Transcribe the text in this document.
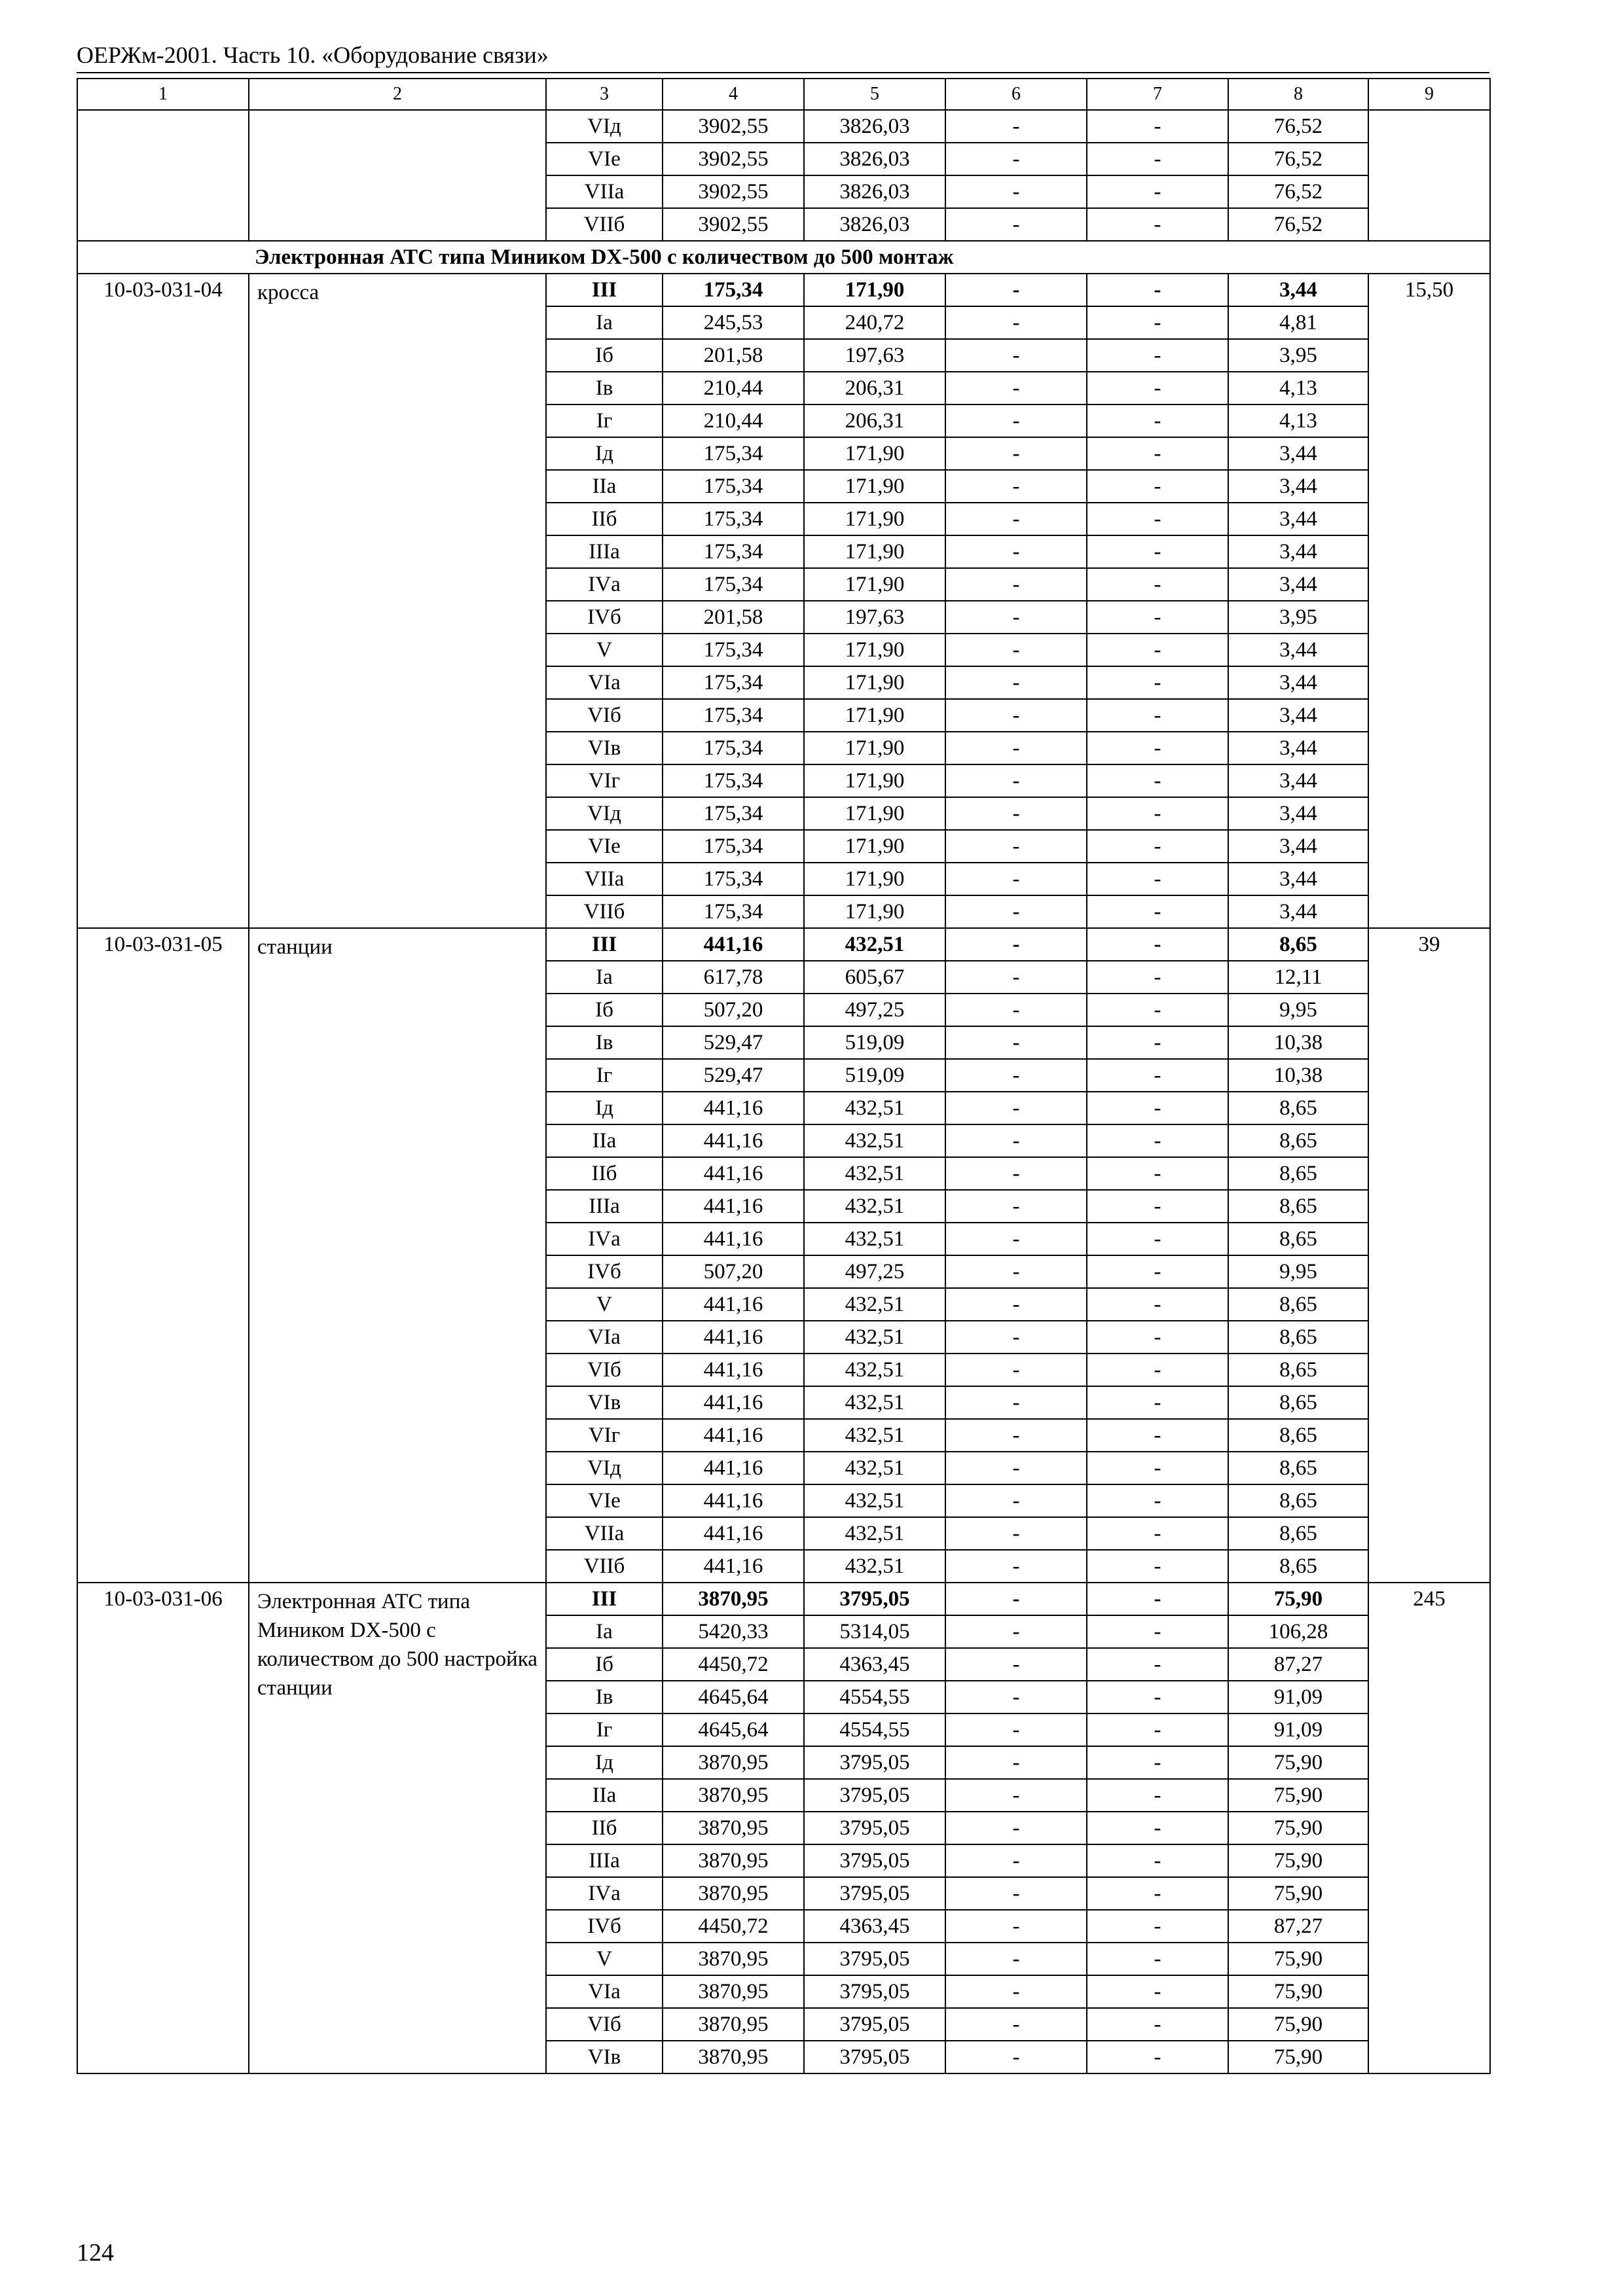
ОЕРЖм-2001. Часть 10. «Оборудование связи»
1	2	3	4	5	6	7	8	9
		VIд	3902,55	3826,03	-	-	76,52	
		VIе	3902,55	3826,03	-	-	76,52	
		VIIа	3902,55	3826,03	-	-	76,52	
		VIIб	3902,55	3826,03	-	-	76,52	
Электронная АТС типа Миником DX-500 с количеством до 500 монтаж								
10-03-031-04	кросса	III	175,34	171,90	-	-	3,44	15,50
		Iа	245,53	240,72	-	-	4,81	
		Iб	201,58	197,63	-	-	3,95	
		Iв	210,44	206,31	-	-	4,13	
		Iг	210,44	206,31	-	-	4,13	
		Iд	175,34	171,90	-	-	3,44	
		IIа	175,34	171,90	-	-	3,44	
		IIб	175,34	171,90	-	-	3,44	
		IIIа	175,34	171,90	-	-	3,44	
		IVа	175,34	171,90	-	-	3,44	
		IVб	201,58	197,63	-	-	3,95	
		V	175,34	171,90	-	-	3,44	
		VIа	175,34	171,90	-	-	3,44	
		VIб	175,34	171,90	-	-	3,44	
		VIв	175,34	171,90	-	-	3,44	
		VIг	175,34	171,90	-	-	3,44	
		VIд	175,34	171,90	-	-	3,44	
		VIе	175,34	171,90	-	-	3,44	
		VIIа	175,34	171,90	-	-	3,44	
		VIIб	175,34	171,90	-	-	3,44	
10-03-031-05	станции	III	441,16	432,51	-	-	8,65	39
		Iа	617,78	605,67	-	-	12,11	
		Iб	507,20	497,25	-	-	9,95	
		Iв	529,47	519,09	-	-	10,38	
		Iг	529,47	519,09	-	-	10,38	
		Iд	441,16	432,51	-	-	8,65	
		IIа	441,16	432,51	-	-	8,65	
		IIб	441,16	432,51	-	-	8,65	
		IIIа	441,16	432,51	-	-	8,65	
		IVа	441,16	432,51	-	-	8,65	
		IVб	507,20	497,25	-	-	9,95	
		V	441,16	432,51	-	-	8,65	
		VIа	441,16	432,51	-	-	8,65	
		VIб	441,16	432,51	-	-	8,65	
		VIв	441,16	432,51	-	-	8,65	
		VIг	441,16	432,51	-	-	8,65	
		VIд	441,16	432,51	-	-	8,65	
		VIе	441,16	432,51	-	-	8,65	
		VIIа	441,16	432,51	-	-	8,65	
		VIIб	441,16	432,51	-	-	8,65	
10-03-031-06	Электронная АТС типа Миником DX-500 с количеством до 500 настройка станции	III	3870,95	3795,05	-	-	75,90	245
		Iа	5420,33	5314,05	-	-	106,28	
		Iб	4450,72	4363,45	-	-	87,27	
		Iв	4645,64	4554,55	-	-	91,09	
		Iг	4645,64	4554,55	-	-	91,09	
		Iд	3870,95	3795,05	-	-	75,90	
		IIа	3870,95	3795,05	-	-	75,90	
		IIб	3870,95	3795,05	-	-	75,90	
		IIIа	3870,95	3795,05	-	-	75,90	
		IVа	3870,95	3795,05	-	-	75,90	
		IVб	4450,72	4363,45	-	-	87,27	
		V	3870,95	3795,05	-	-	75,90	
		VIа	3870,95	3795,05	-	-	75,90	
		VIб	3870,95	3795,05	-	-	75,90	
		VIв	3870,95	3795,05	-	-	75,90	
124
